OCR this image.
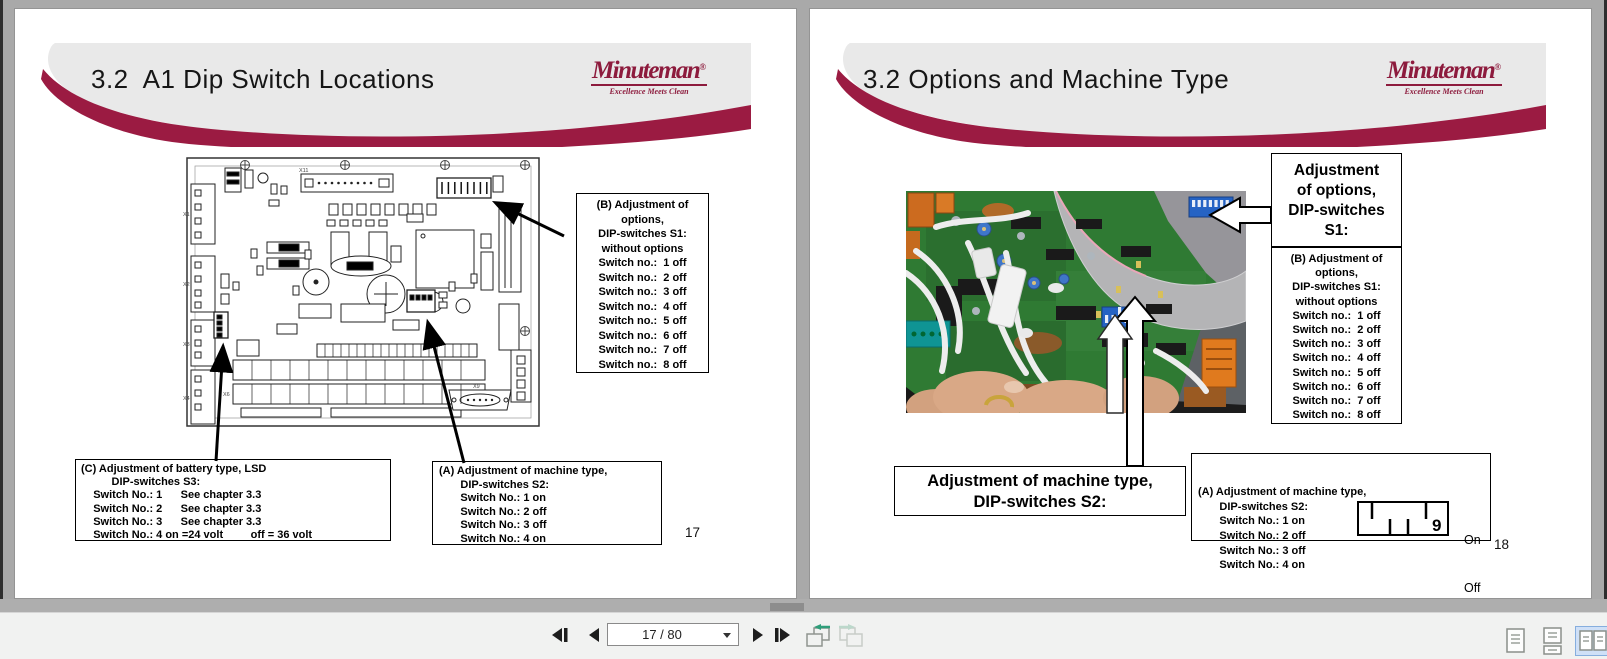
3.2  A1 Dip Switch Locations	Minuteman®
Excellence Meets Clean
X1
X2
X3
X4
X11
X5
X6
X9
(B) Adjustment of
options,
DIP-switches S1:
without options
Switch no.:  1 off
Switch no.:  2 off
Switch no.:  3 off
Switch no.:  4 off
Switch no.:  5 off
Switch no.:  6 off
Switch no.:  7 off
Switch no.:  8 off
(C) Adjustment of battery type, LSD
DIP-switches S3:
Switch No.: 1      See chapter 3.3
Switch No.: 2      See chapter 3.3
Switch No.: 3      See chapter 3.3
Switch No.: 4 on =24 volt         off = 36 volt
(A) Adjustment of machine type,
DIP-switches S2:
Switch No.: 1 on
Switch No.: 2 off
Switch No.: 3 off
Switch No.: 4 on	17
3.2 Options and Machine Type	Minuteman®
Excellence Meets Clean
Adjustment
of options,
DIP-switches
S1:
(B) Adjustment of
options,
DIP-switches S1:
without options
Switch no.:  1 off
Switch no.:  2 off
Switch no.:  3 off
Switch no.:  4 off
Switch no.:  5 off
Switch no.:  6 off
Switch no.:  7 off
Switch no.:  8 off
Adjustment of machine type,
DIP-switches S2:

(A) Adjustment of machine type,
DIP-switches S2:
Switch No.: 1 on
Switch No.: 2 off
Switch No.: 3 off
Switch No.: 4 on

9

On

Off

18
17 / 80
